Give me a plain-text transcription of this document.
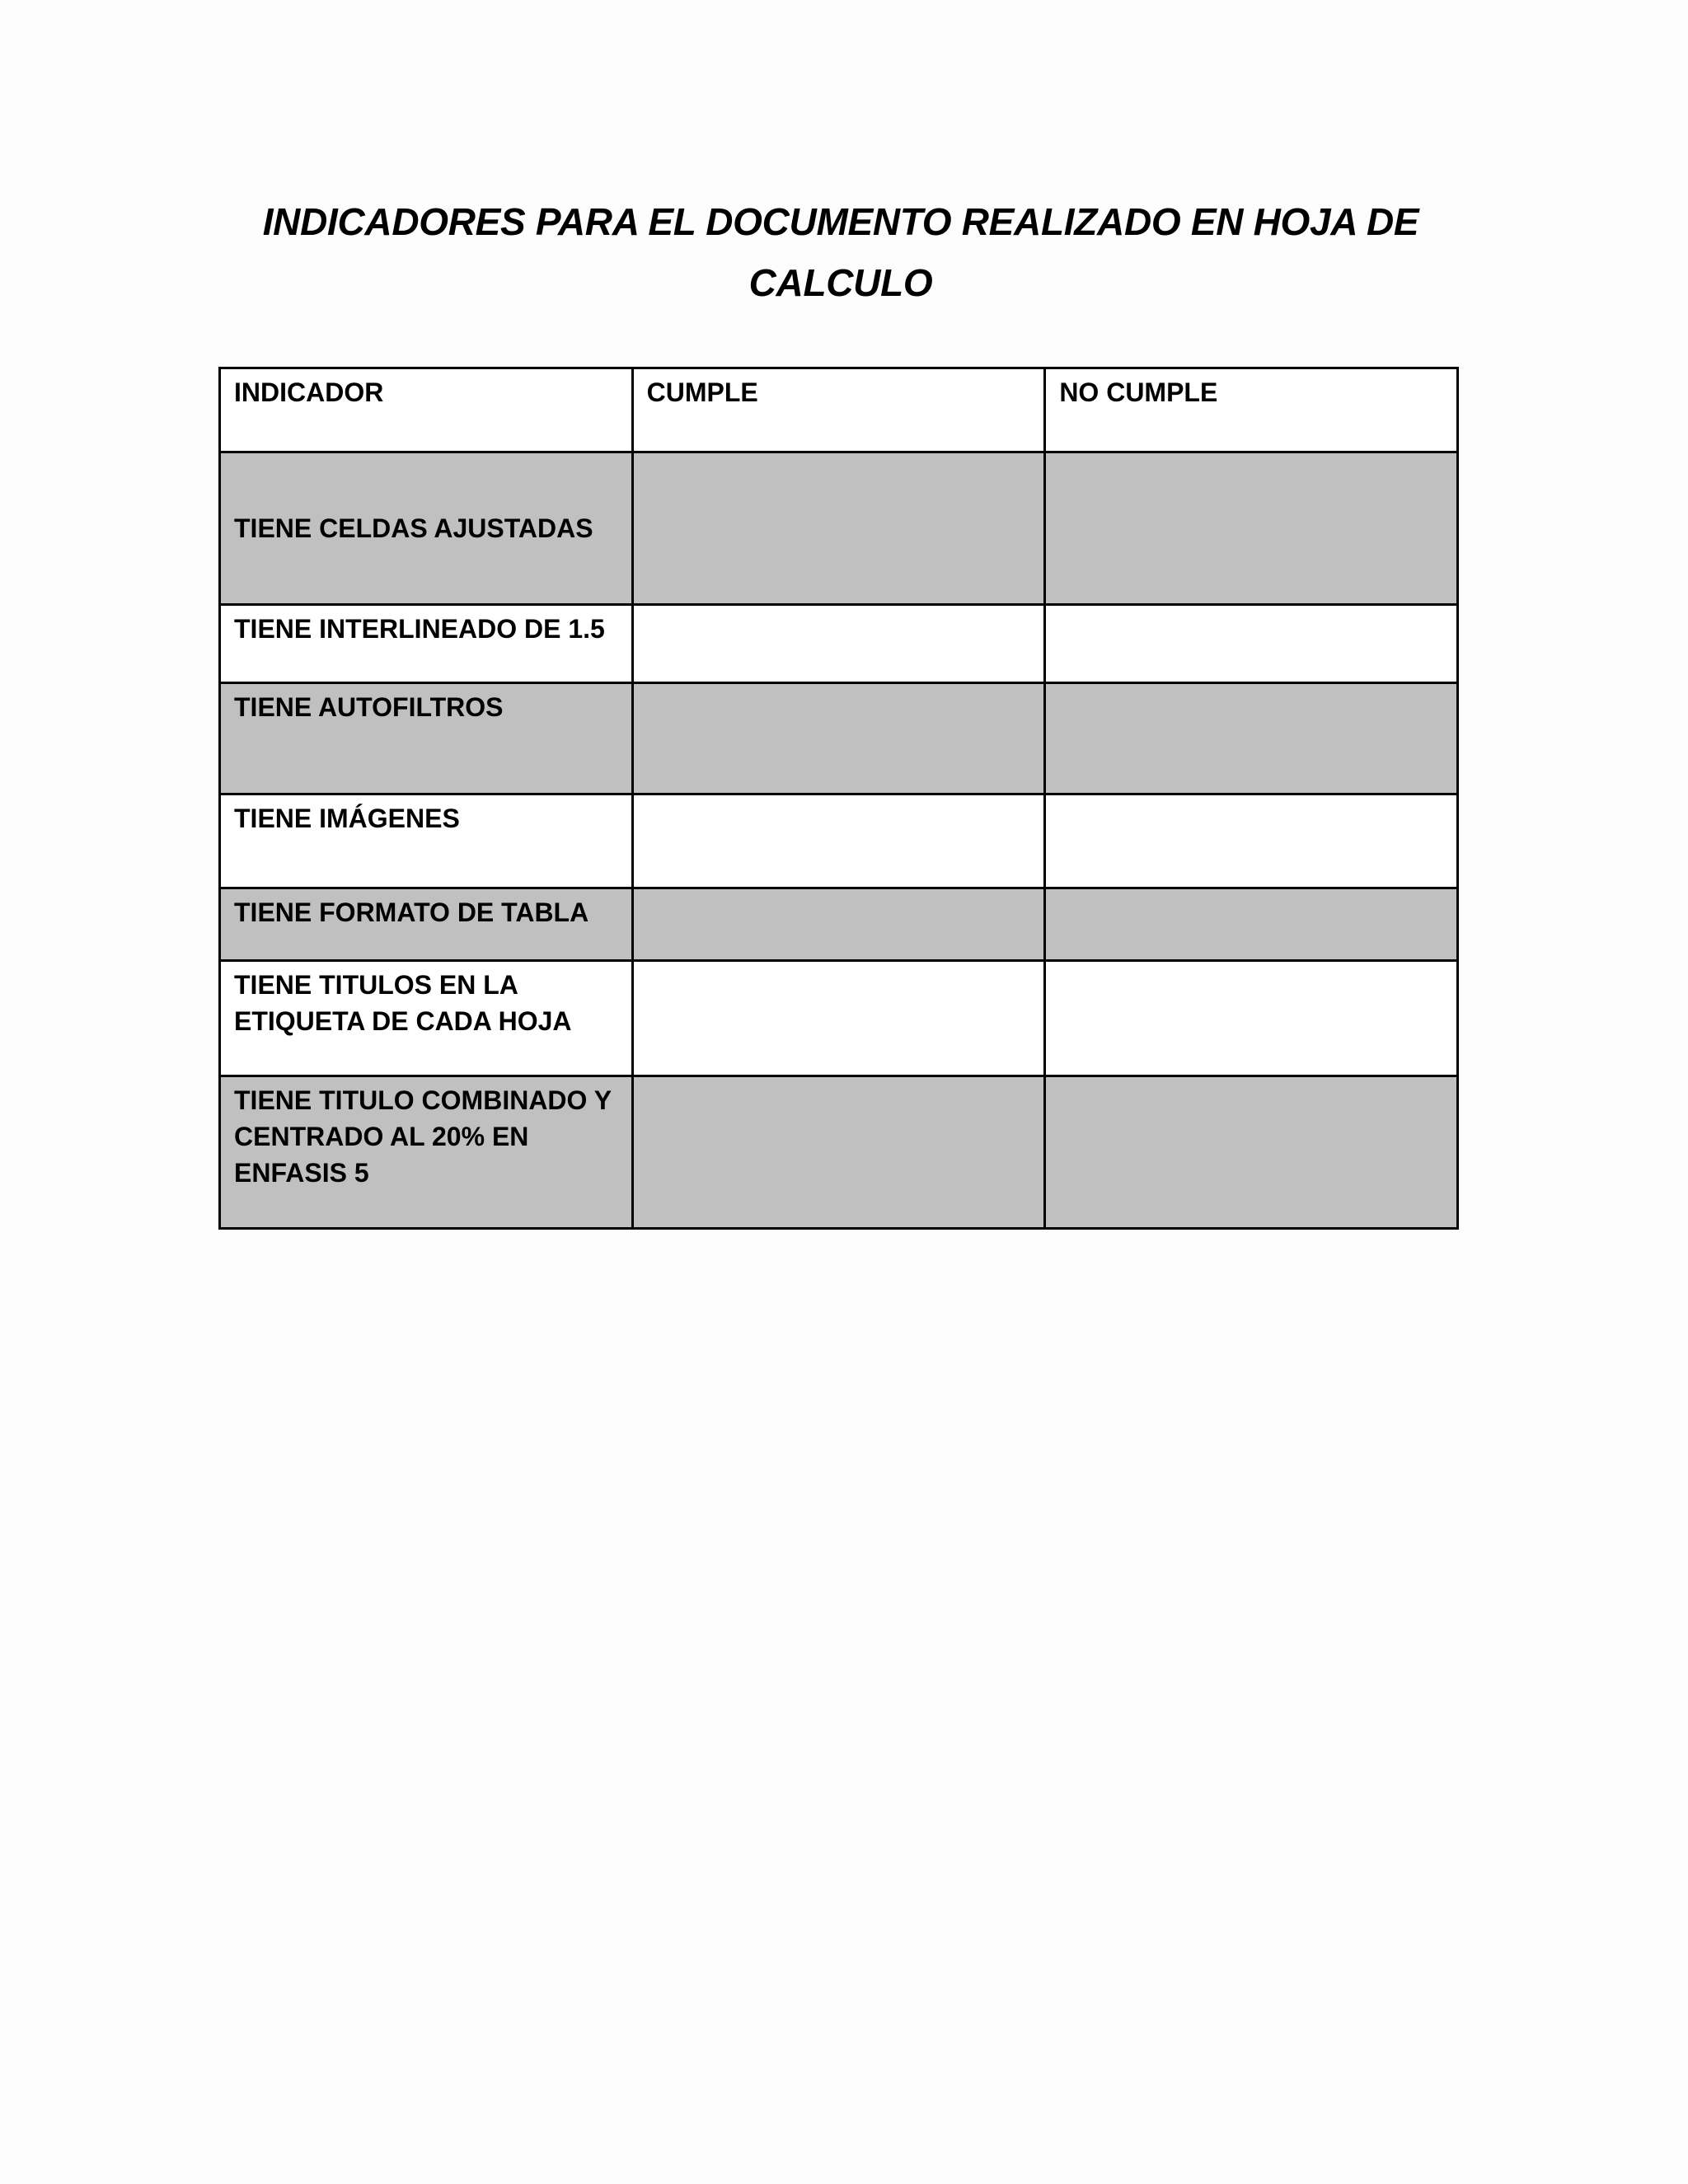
INDICADORES PARA EL DOCUMENTO REALIZADO EN HOJA DE
CALCULO
INDICADOR	CUMPLE	NO CUMPLE
TIENE CELDAS AJUSTADAS		
TIENE INTERLINEADO DE 1.5		
TIENE AUTOFILTROS		
TIENE IMÁGENES		
TIENE FORMATO DE TABLA		
TIENE TITULOS EN LA ETIQUETA DE CADA HOJA		
TIENE TITULO COMBINADO Y CENTRADO AL 20% EN ENFASIS 5		
